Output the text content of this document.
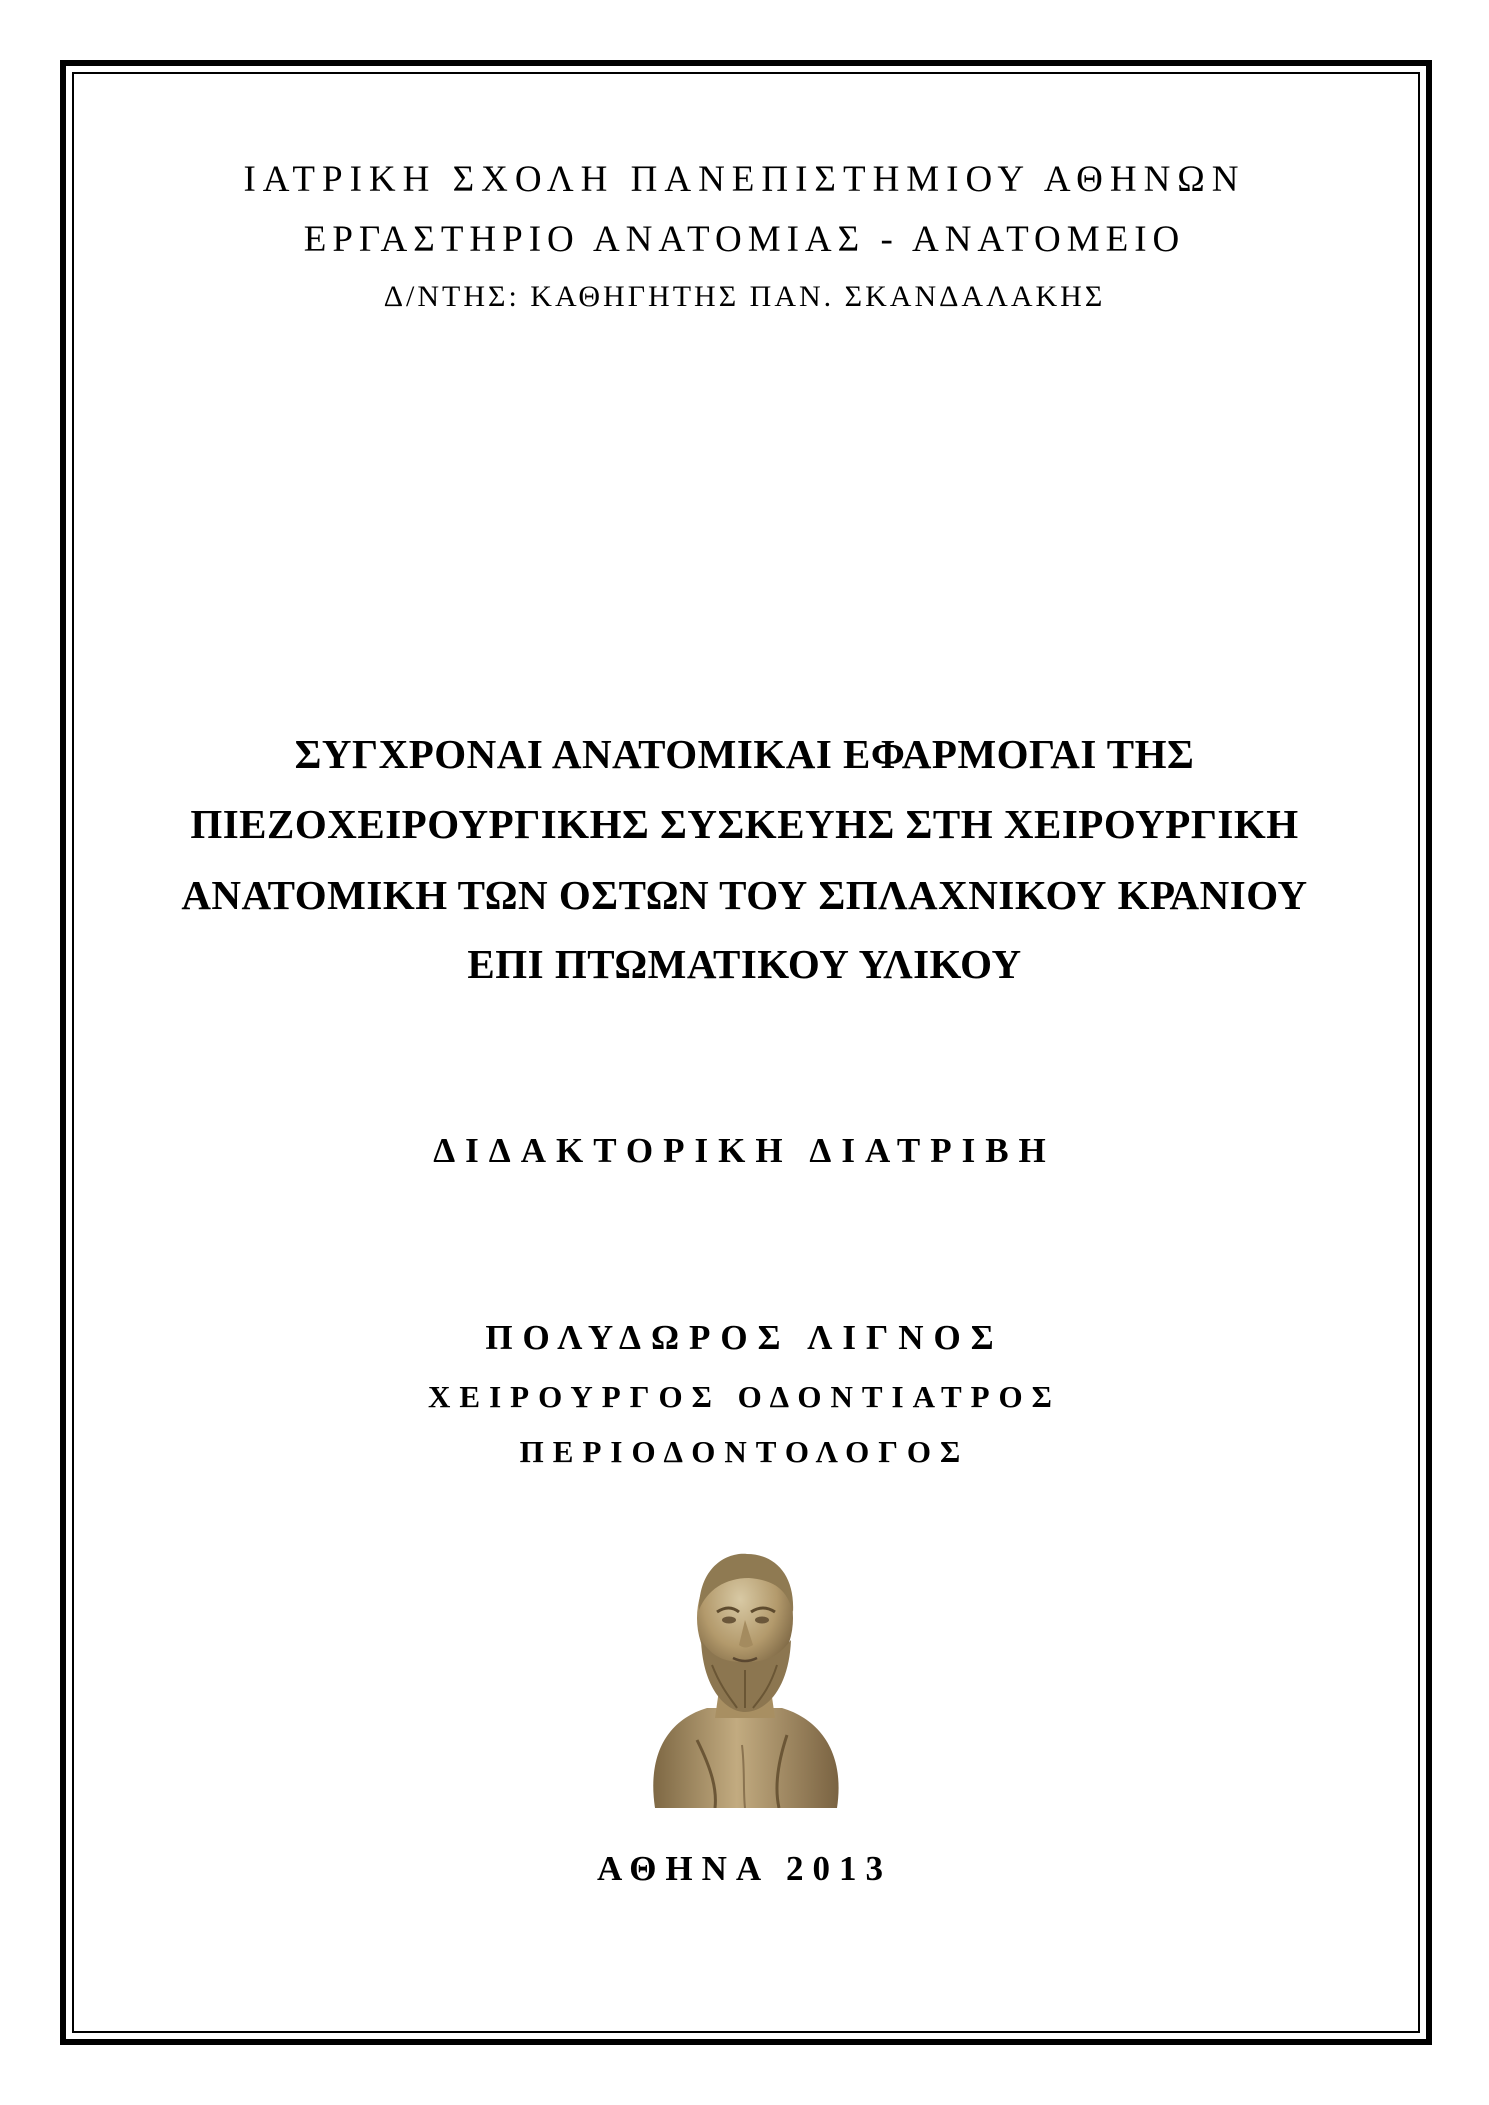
ΙΑΤΡΙΚΗ ΣΧΟΛΗ ΠΑΝΕΠΙΣΤΗΜΙΟΥ ΑΘΗΝΩΝ
ΕΡΓΑΣΤΗΡΙΟ ΑΝΑΤΟΜΙΑΣ - ΑΝΑΤΟΜΕΙΟ
Δ/ΝΤΗΣ: ΚΑΘΗΓΗΤΗΣ ΠΑΝ. ΣΚΑΝΔΑΛΑΚΗΣ
ΣΥΓΧΡΟΝΑΙ ΑΝΑΤΟΜΙΚΑΙ ΕΦΑΡΜΟΓΑΙ ΤΗΣ
ΠΙΕΖΟΧΕΙΡΟΥΡΓΙΚΗΣ ΣΥΣΚΕΥΗΣ ΣΤΗ ΧΕΙΡΟΥΡΓΙΚΗ
ΑΝΑΤΟΜΙΚΗ ΤΩΝ ΟΣΤΩΝ ΤΟΥ ΣΠΛΑΧΝΙΚΟΥ ΚΡΑΝΙΟΥ
ΕΠΙ ΠΤΩΜΑΤΙΚΟΥ ΥΛΙΚΟΥ
ΔΙΔΑΚΤΟΡΙΚΗ ΔΙΑΤΡΙΒΗ
ΠΟΛΥΔΩΡΟΣ ΛΙΓΝΟΣ
ΧΕΙΡΟΥΡΓΟΣ ΟΔΟΝΤΙΑΤΡΟΣ
ΠΕΡΙΟΔΟΝΤΟΛΟΓΟΣ
ΑΘΗΝΑ 2013
